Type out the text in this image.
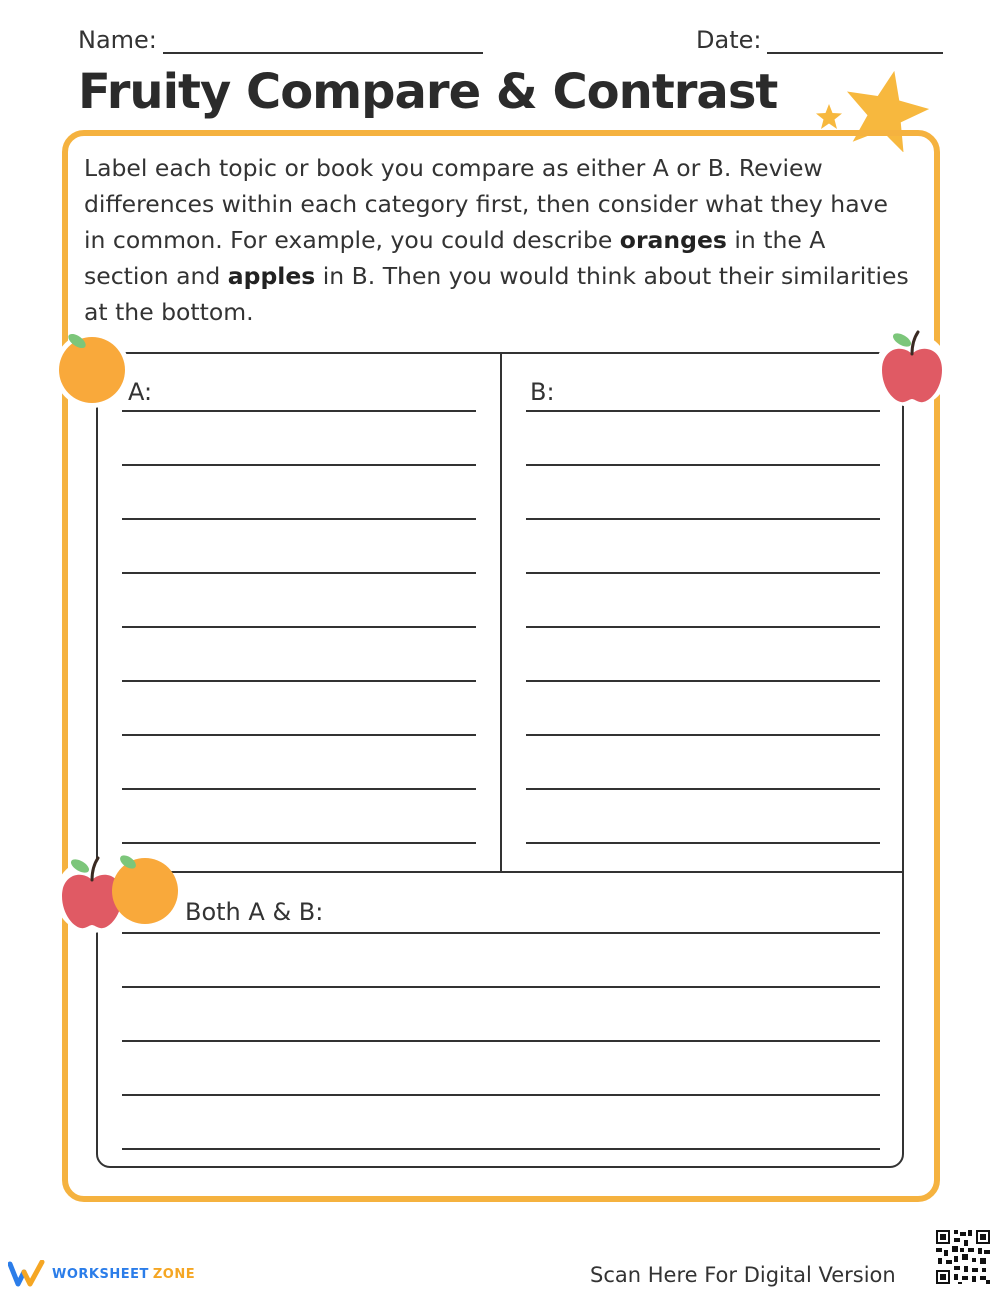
Name:	Date:
Fruity Compare & Contrast
Label each topic or book you compare as either A or B. Review differences within each category first, then consider what they have in common. For example, you could describe oranges in the A section and apples in B. Then you would think about their similarities at the bottom.
A:	B:
Both A & B:
WORKSHEET ZONE	Scan Here For Digital Version
